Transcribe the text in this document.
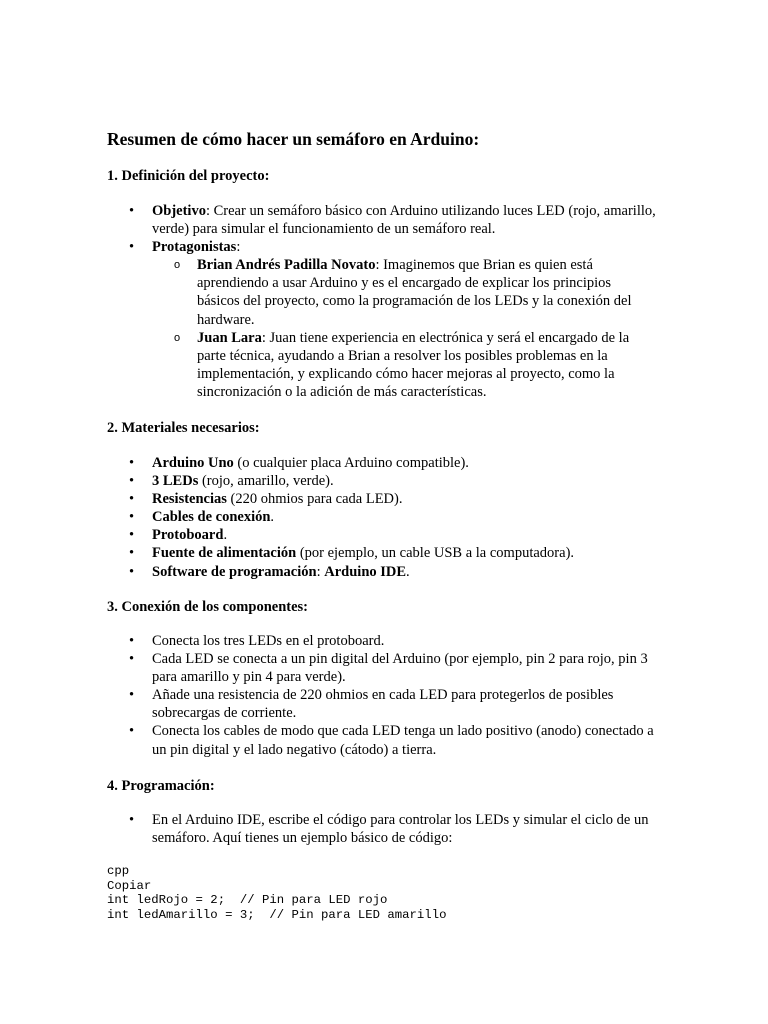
Resumen de cómo hacer un semáforo en Arduino:
1. Definición del proyecto:
• Objetivo: Crear un semáforo básico con Arduino utilizando luces LED (rojo, amarillo, verde) para simular el funcionamiento de un semáforo real.
• Protagonistas:
o Brian Andrés Padilla Novato: Imaginemos que Brian es quien está aprendiendo a usar Arduino y es el encargado de explicar los principios básicos del proyecto, como la programación de los LEDs y la conexión del hardware.
o Juan Lara: Juan tiene experiencia en electrónica y será el encargado de la parte técnica, ayudando a Brian a resolver los posibles problemas en la implementación, y explicando cómo hacer mejoras al proyecto, como la sincronización o la adición de más características.
2. Materiales necesarios:
• Arduino Uno (o cualquier placa Arduino compatible).
• 3 LEDs (rojo, amarillo, verde).
• Resistencias (220 ohmios para cada LED).
• Cables de conexión.
• Protoboard.
• Fuente de alimentación (por ejemplo, un cable USB a la computadora).
• Software de programación: Arduino IDE.
3. Conexión de los componentes:
• Conecta los tres LEDs en el protoboard.
• Cada LED se conecta a un pin digital del Arduino (por ejemplo, pin 2 para rojo, pin 3 para amarillo y pin 4 para verde).
• Añade una resistencia de 220 ohmios en cada LED para protegerlos de posibles sobrecargas de corriente.
• Conecta los cables de modo que cada LED tenga un lado positivo (anodo) conectado a un pin digital y el lado negativo (cátodo) a tierra.
4. Programación:
• En el Arduino IDE, escribe el código para controlar los LEDs y simular el ciclo de un semáforo. Aquí tienes un ejemplo básico de código:
cpp
Copiar
int ledRojo = 2;  // Pin para LED rojo
int ledAmarillo = 3;  // Pin para LED amarillo
